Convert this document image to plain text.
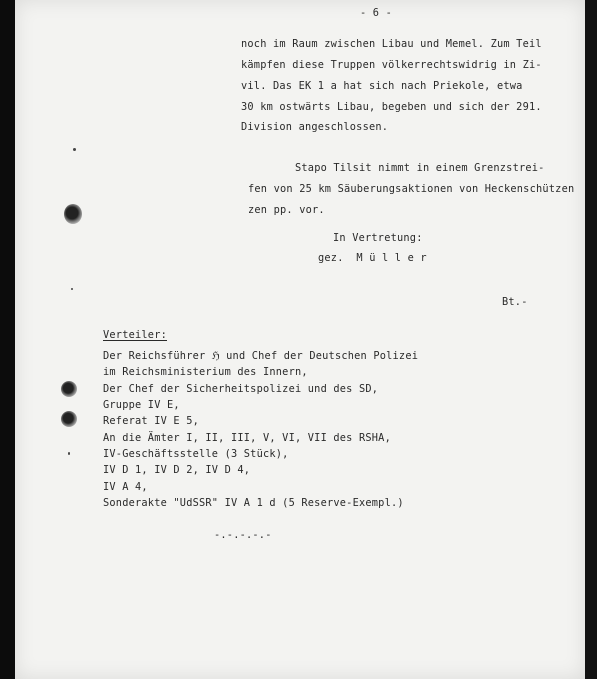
- 6 -
noch im Raum zwischen Libau und Memel. Zum Teil
kämpfen diese Truppen völkerrechtswidrig in Zi-
vil. Das EK 1 a hat sich nach Priekole, etwa
30 km ostwärts Libau, begeben und sich der 291.
Division angeschlossen.
Stapo Tilsit nimmt in einem Grenzstrei-
fen von 25 km Säuberungsaktionen von Heckenschützen
zen pp. vor.
In Vertretung:
gez.  M ü l l e r
Bt.-
Verteiler:
Der Reichsführer ℌ und Chef der Deutschen Polizei
im Reichsministerium des Innern,
Der Chef der Sicherheitspolizei und des SD,
Gruppe IV E,
Referat IV E 5,
An die Ämter I, II, III, V, VI, VII des RSHA,
IV-Geschäftsstelle (3 Stück),
IV D 1, IV D 2, IV D 4,
IV A 4,
Sonderakte "UdSSR" IV A 1 d (5 Reserve-Exempl.)
-.-.-.-.-
